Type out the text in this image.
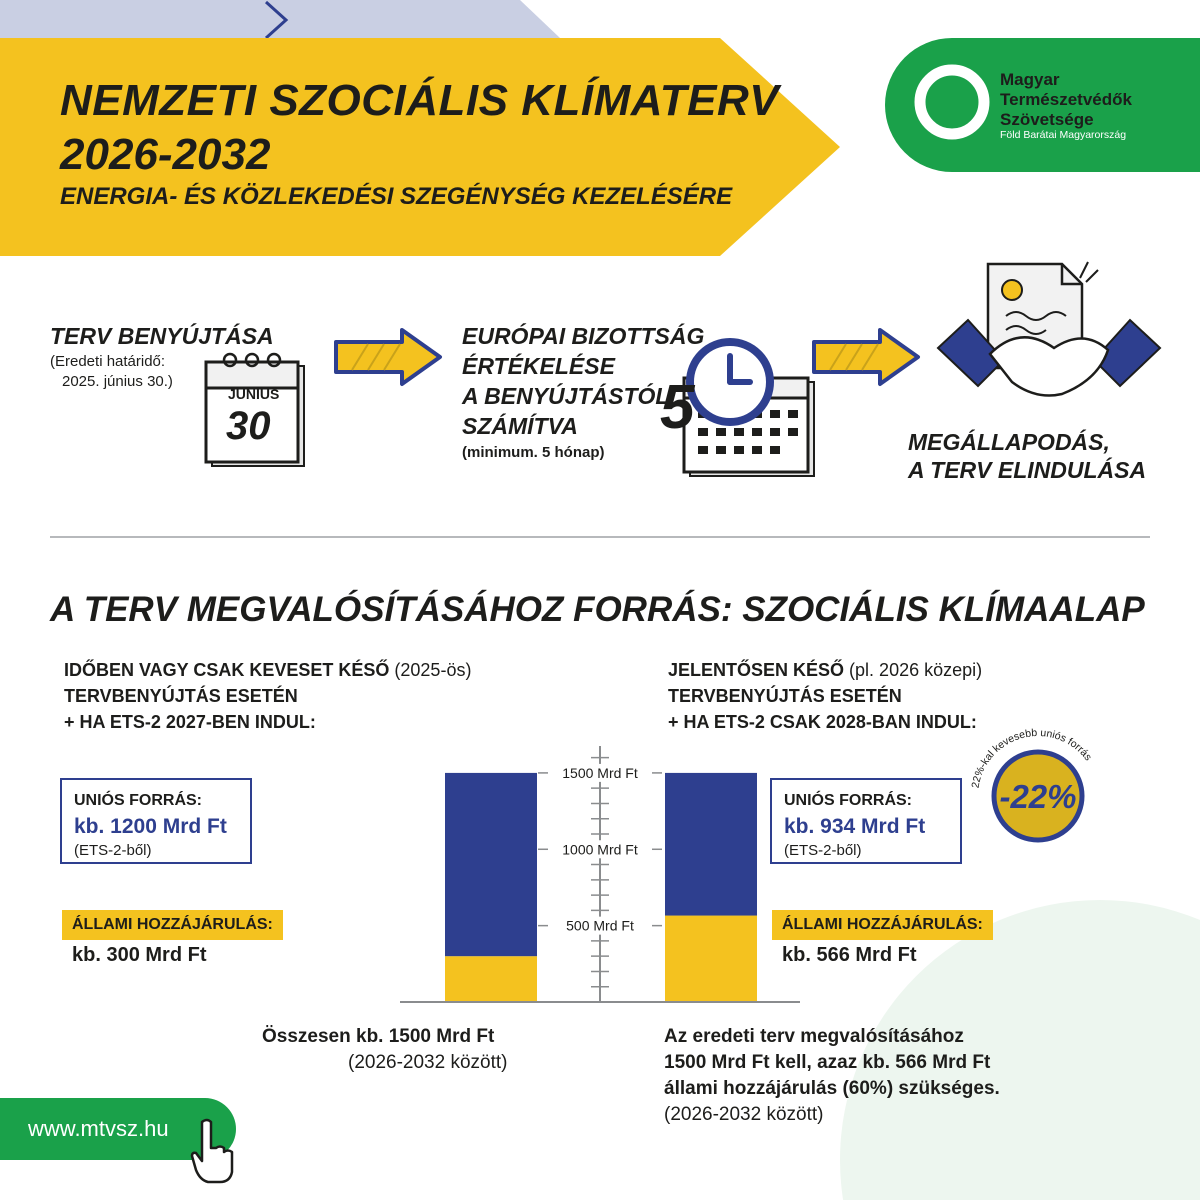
NEMZETI SZOCIÁLIS KLÍMATERV
2026-2032
ENERGIA- ÉS KÖZLEKEDÉSI SZEGÉNYSÉG KEZELÉSÉRE
Magyar
Természetvédők
Szövetsége
Föld Barátai Magyarország
TERV BENYÚJTÁSA
(Eredeti határidő:
2025. június 30.)
JÚNIUS
30
EURÓPAI BIZOTTSÁG
ÉRTÉKELÉSE
A BENYÚJTÁSTÓL
SZÁMÍTVA
(minimum. 5 hónap)
5	MEGÁLLAPODÁS,
A TERV ELINDULÁSA
A TERV MEGVALÓSÍTÁSÁHOZ FORRÁS: SZOCIÁLIS KLÍMAALAP
IDŐBEN VAGY CSAK KEVESET KÉSŐ (2025-ös)
TERVBENYÚJTÁS ESETÉN
+ HA ETS-2 2027-BEN INDUL:
JELENTŐSEN KÉSŐ (pl. 2026 közepi)
TERVBENYÚJTÁS ESETÉN
+ HA ETS-2 CSAK 2028-BAN INDUL:
UNIÓS FORRÁS:
kb. 1200 Mrd Ft
(ETS-2-ből)
ÁLLAMI HOZZÁJÁRULÁS:
kb. 300 Mrd Ft
UNIÓS FORRÁS:
kb. 934 Mrd Ft
(ETS-2-ből)
ÁLLAMI HOZZÁJÁRULÁS:
kb. 566 Mrd Ft
22%-kal kevesebb uniós forrás
-22%
500 Mrd Ft
1000 Mrd Ft
1500 Mrd Ft
Összesen kb. 1500 Mrd Ft
(2026-2032 között)
Az eredeti terv megvalósításához
1500 Mrd Ft kell, azaz kb. 566 Mrd Ft
állami hozzájárulás (60%) szükséges.
(2026-2032 között)
www.mtvsz.hu
